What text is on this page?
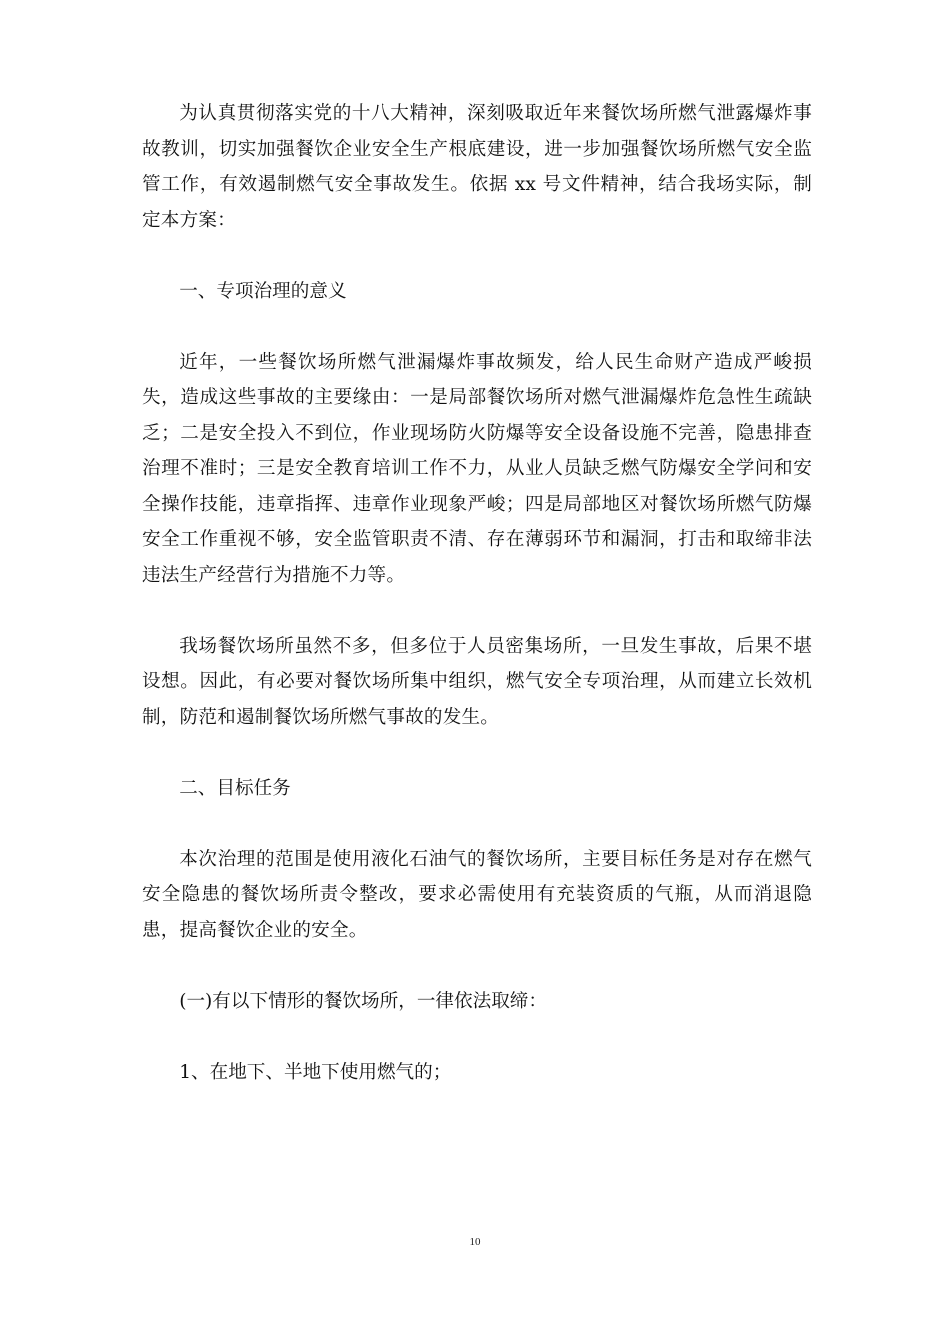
为认真贯彻落实党的十八大精神，深刻吸取近年来餐饮场所燃气泄露爆炸事故教训，切实加强餐饮企业安全生产根底建设，进一步加强餐饮场所燃气安全监管工作，有效遏制燃气安全事故发生。依据 xx 号文件精神，结合我场实际，制定本方案：

一、专项治理的意义

近年，一些餐饮场所燃气泄漏爆炸事故频发，给人民生命财产造成严峻损失，造成这些事故的主要缘由：一是局部餐饮场所对燃气泄漏爆炸危急性生疏缺乏；二是安全投入不到位，作业现场防火防爆等安全设备设施不完善，隐患排查治理不准时；三是安全教育培训工作不力，从业人员缺乏燃气防爆安全学问和安全操作技能，违章指挥、违章作业现象严峻；四是局部地区对餐饮场所燃气防爆安全工作重视不够，安全监管职责不清、存在薄弱环节和漏洞，打击和取缔非法违法生产经营行为措施不力等。

我场餐饮场所虽然不多，但多位于人员密集场所，一旦发生事故，后果不堪设想。因此，有必要对餐饮场所集中组织，燃气安全专项治理，从而建立长效机制，防范和遏制餐饮场所燃气事故的发生。

二、目标任务

本次治理的范围是使用液化石油气的餐饮场所，主要目标任务是对存在燃气安全隐患的餐饮场所责令整改，要求必需使用有充装资质的气瓶，从而消退隐患，提高餐饮企业的安全。

(一)有以下情形的餐饮场所，一律依法取缔：

1、在地下、半地下使用燃气的；

10
